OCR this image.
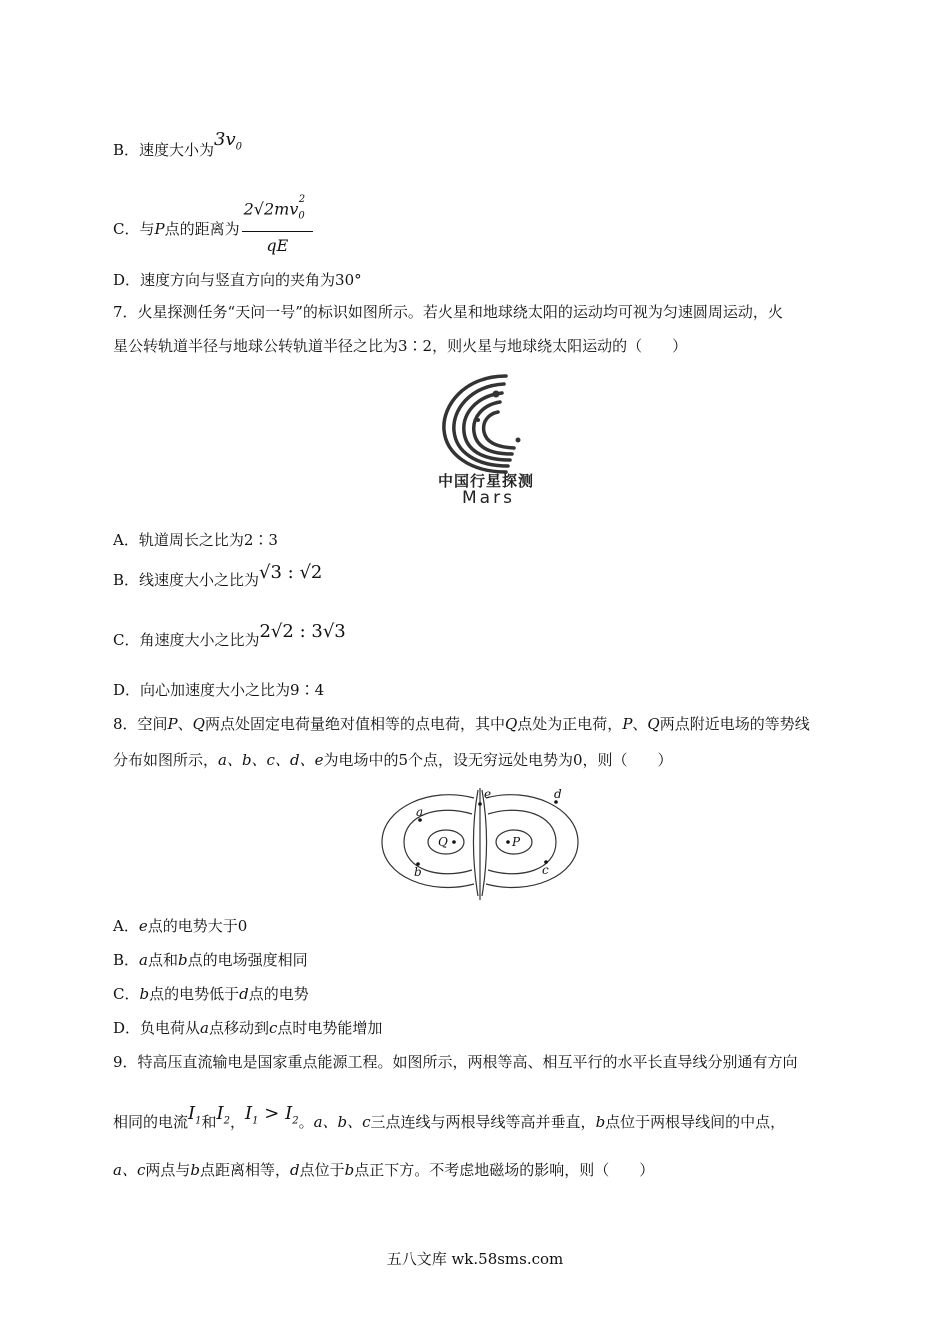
B．速度大小为$3v_0$
C．与P点的距离为 $\frac{2√2mv_0^2}{qE}$
D．速度方向与竖直方向的夹角为30°
7．火星探测任务“天问一号”的标识如图所示。若火星和地球绕太阳的运动均可视为匀速圆周运动，火
星公转轨道半径与地球公转轨道半径之比为3∶2，则火星与地球绕太阳运动的（　　）
中国行星探测
Mars
A．轨道周长之比为2∶3
B．线速度大小之比为√3 : √2
C．角速度大小之比为2√2 : 3√3
D．向心加速度大小之比为9∶4
8．空间P、Q两点处固定电荷量绝对值相等的点电荷，其中Q点处为正电荷，P、Q两点附近电场的等势线
分布如图所示，a、b、c、d、e为电场中的5个点，设无穷远处电势为0，则（　　）
Q	P
a
b	c
d
e
A．e点的电势大于0
B．a点和b点的电场强度相同
C．b点的电势低于d点的电势
D．负电荷从a点移动到c点时电势能增加
9．特高压直流输电是国家重点能源工程。如图所示，两根等高、相互平行的水平长直导线分别通有方向
相同的电流$I_1$和$I_2$，$I_1 > I_2$。a、b、c三点连线与两根导线等高并垂直，b点位于两根导线间的中点，
a、c两点与b点距离相等，d点位于b点正下方。不考虑地磁场的影响，则（　　）
五八文库 wk.58sms.com
